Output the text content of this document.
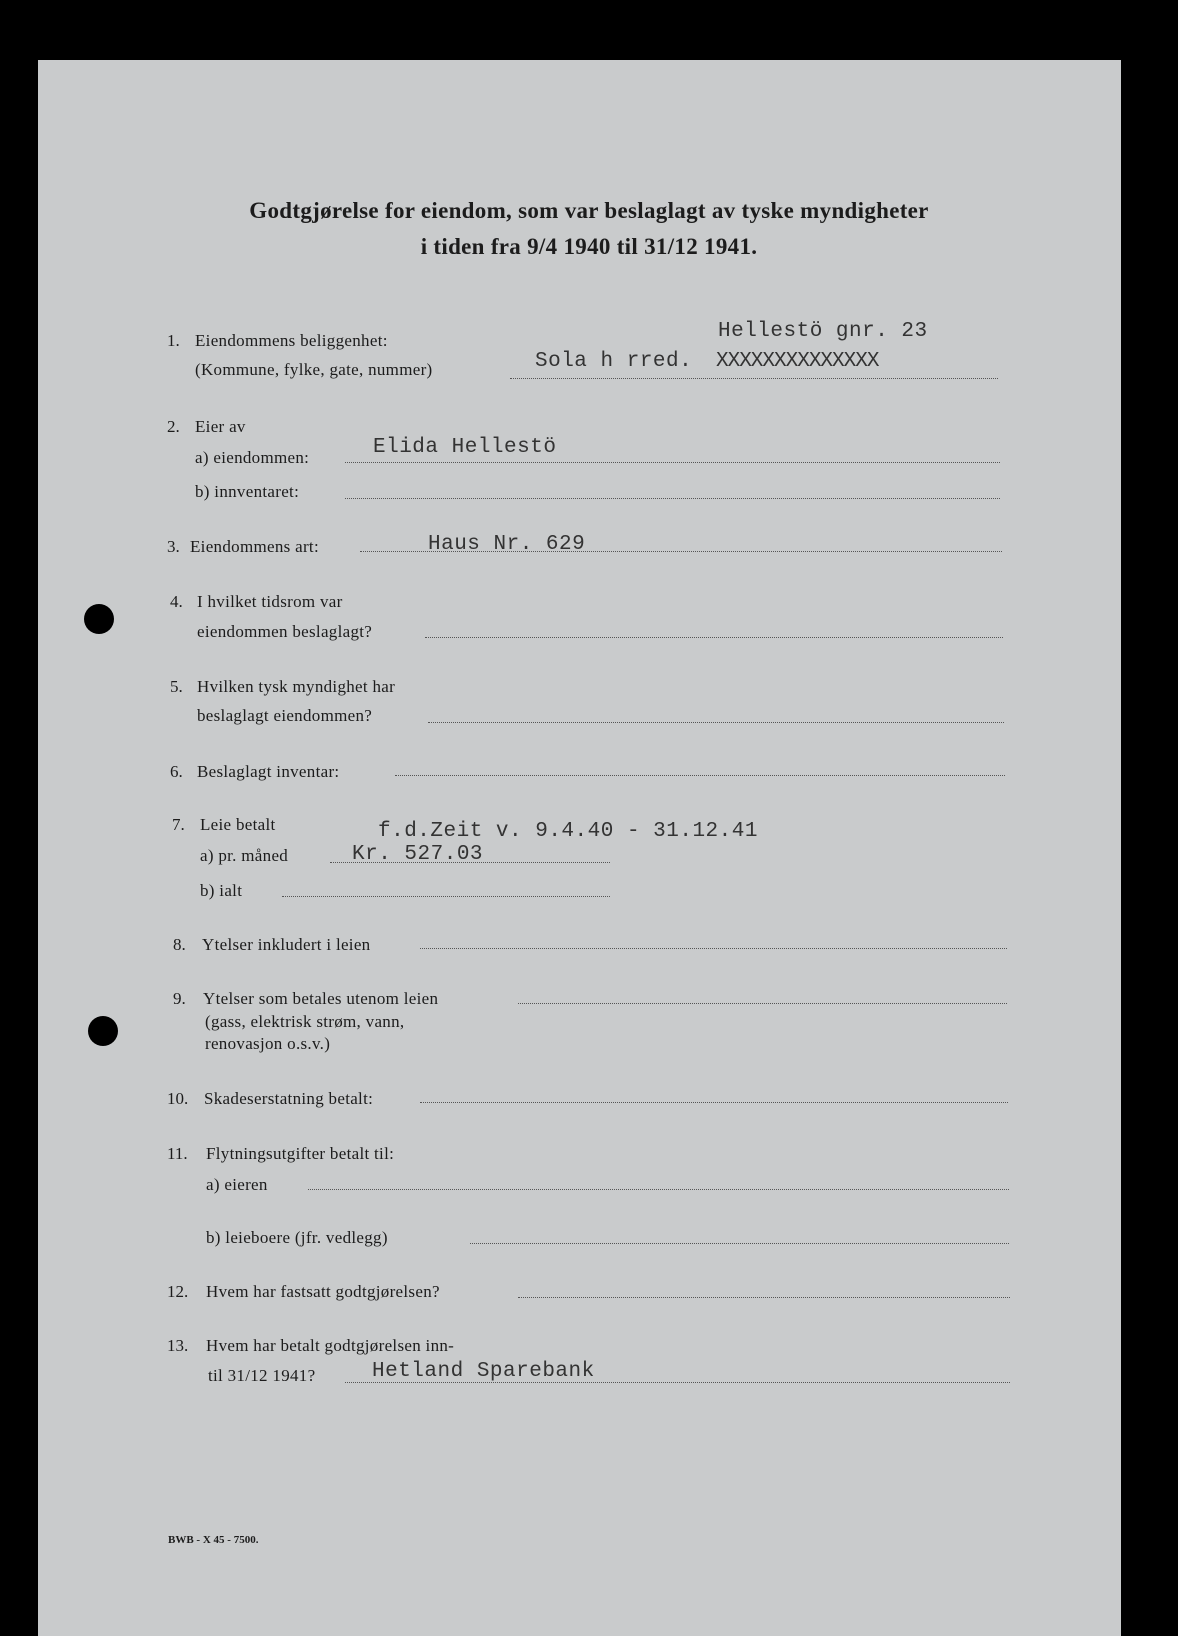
Godtgjørelse for eiendom, som var beslaglagt av tyske myndigheter
i tiden fra 9/4 1940 til 31/12 1941.
1. Eiendommens beliggenhet:
(Kommune, fylke, gate, nummer)
Hellestö gnr. 23
Sola h rred. XXXXXXXXXXXXXX
2. Eier av
a) eiendommen:	Elida Hellestö
b) innventaret:
3. Eiendommens art:	Haus Nr. 629
4. I hvilket tidsrom var
eiendommen beslaglagt?
5. Hvilken tysk myndighet har
beslaglagt eiendommen?
6. Beslaglagt inventar:
7. Leie betalt	f.d.Zeit v. 9.4.40 - 31.12.41
a) pr. måned	Kr. 527.03
b) ialt
8. Ytelser inkludert i leien
9. Ytelser som betales utenom leien
(gass, elektrisk strøm, vann,
renovasjon o.s.v.)
10. Skadeserstatning betalt:
11. Flytningsutgifter betalt til:
a) eieren
b) leieboere (jfr. vedlegg)
12. Hvem har fastsatt godtgjørelsen?
13. Hvem har betalt godtgjørelsen inn-
til 31/12 1941?	Hetland Sparebank
BWB - X 45 - 7500.
